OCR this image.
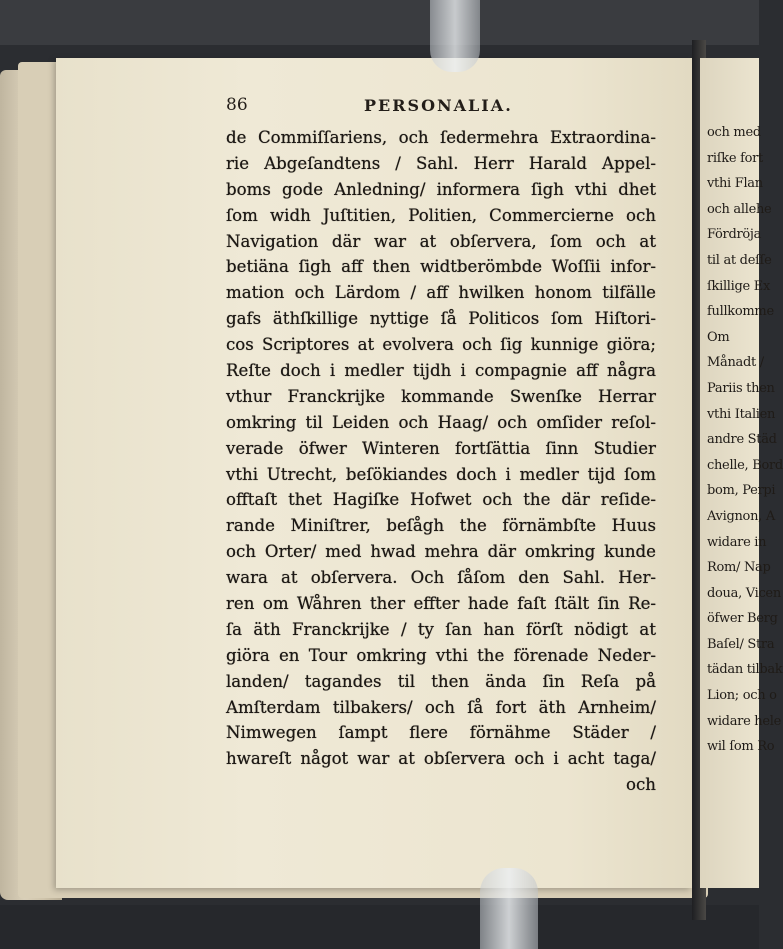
och med
riſke fort
vthi Flan
och allehe
Fördröja
til at deſſe
ſkillige Ex
fullkomme
Om
Månadt /
Pariis then
vthi Italien
andre Städ
chelle, Bord
bom, Perpi
Avignon, A
widare in
Rom/ Nap
doua, Vicen
öfwer Berg
Baſel/ Stra
tädan tilbak
Lion; och o
widare hele
wil ſom Ro
86	PERSONALIA.
de Commiſſariens, och ſedermehra Extraordina-
rie Abgeſandtens / Sahl. Herr Harald Appel-
boms gode Anledning/ informera ſigh vthi dhet
ſom widh Juſtitien, Politien, Commercierne och
Navigation där war at obſervera, ſom och at
betiäna ſigh aff then widtberömbde Woſſii infor-
mation och Lärdom / aff hwilken honom tilfälle
gafs äthſkillige nyttige ſå Politicos ſom Hiſtori-
cos Scriptores at evolvera och ſig kunnige giöra;
Reſte doch i medler tijdh i compagnie aff några
vthur Franckrijke kommande Swenſke Herrar
omkring til Leiden och Haag/ och omſider reſol-
verade öfwer Winteren fortſättia ſinn Studier
vthi Utrecht, beſökiandes doch i medler tijd ſom
offtaſt thet Hagiſke Hofwet och the där reſide-
rande Miniſtrer, beſågh the förnämbſte Huus
och Orter/ med hwad mehra där omkring kunde
wara at obſervera. Och ſåſom den Sahl. Her-
ren om Wåhren ther effter hade faſt ſtält ſin Re-
ſa äth Franckrijke / ty ſan han förſt nödigt at
giöra en Tour omkring vthi the förenade Neder-
landen/ tagandes til then ända ſin Reſa på
Amſterdam tilbakers/ och ſå fort äth Arnheim/
Nimwegen ſampt flere förnähme Städer /
hwareſt något war at obſervera och i acht taga/
och
